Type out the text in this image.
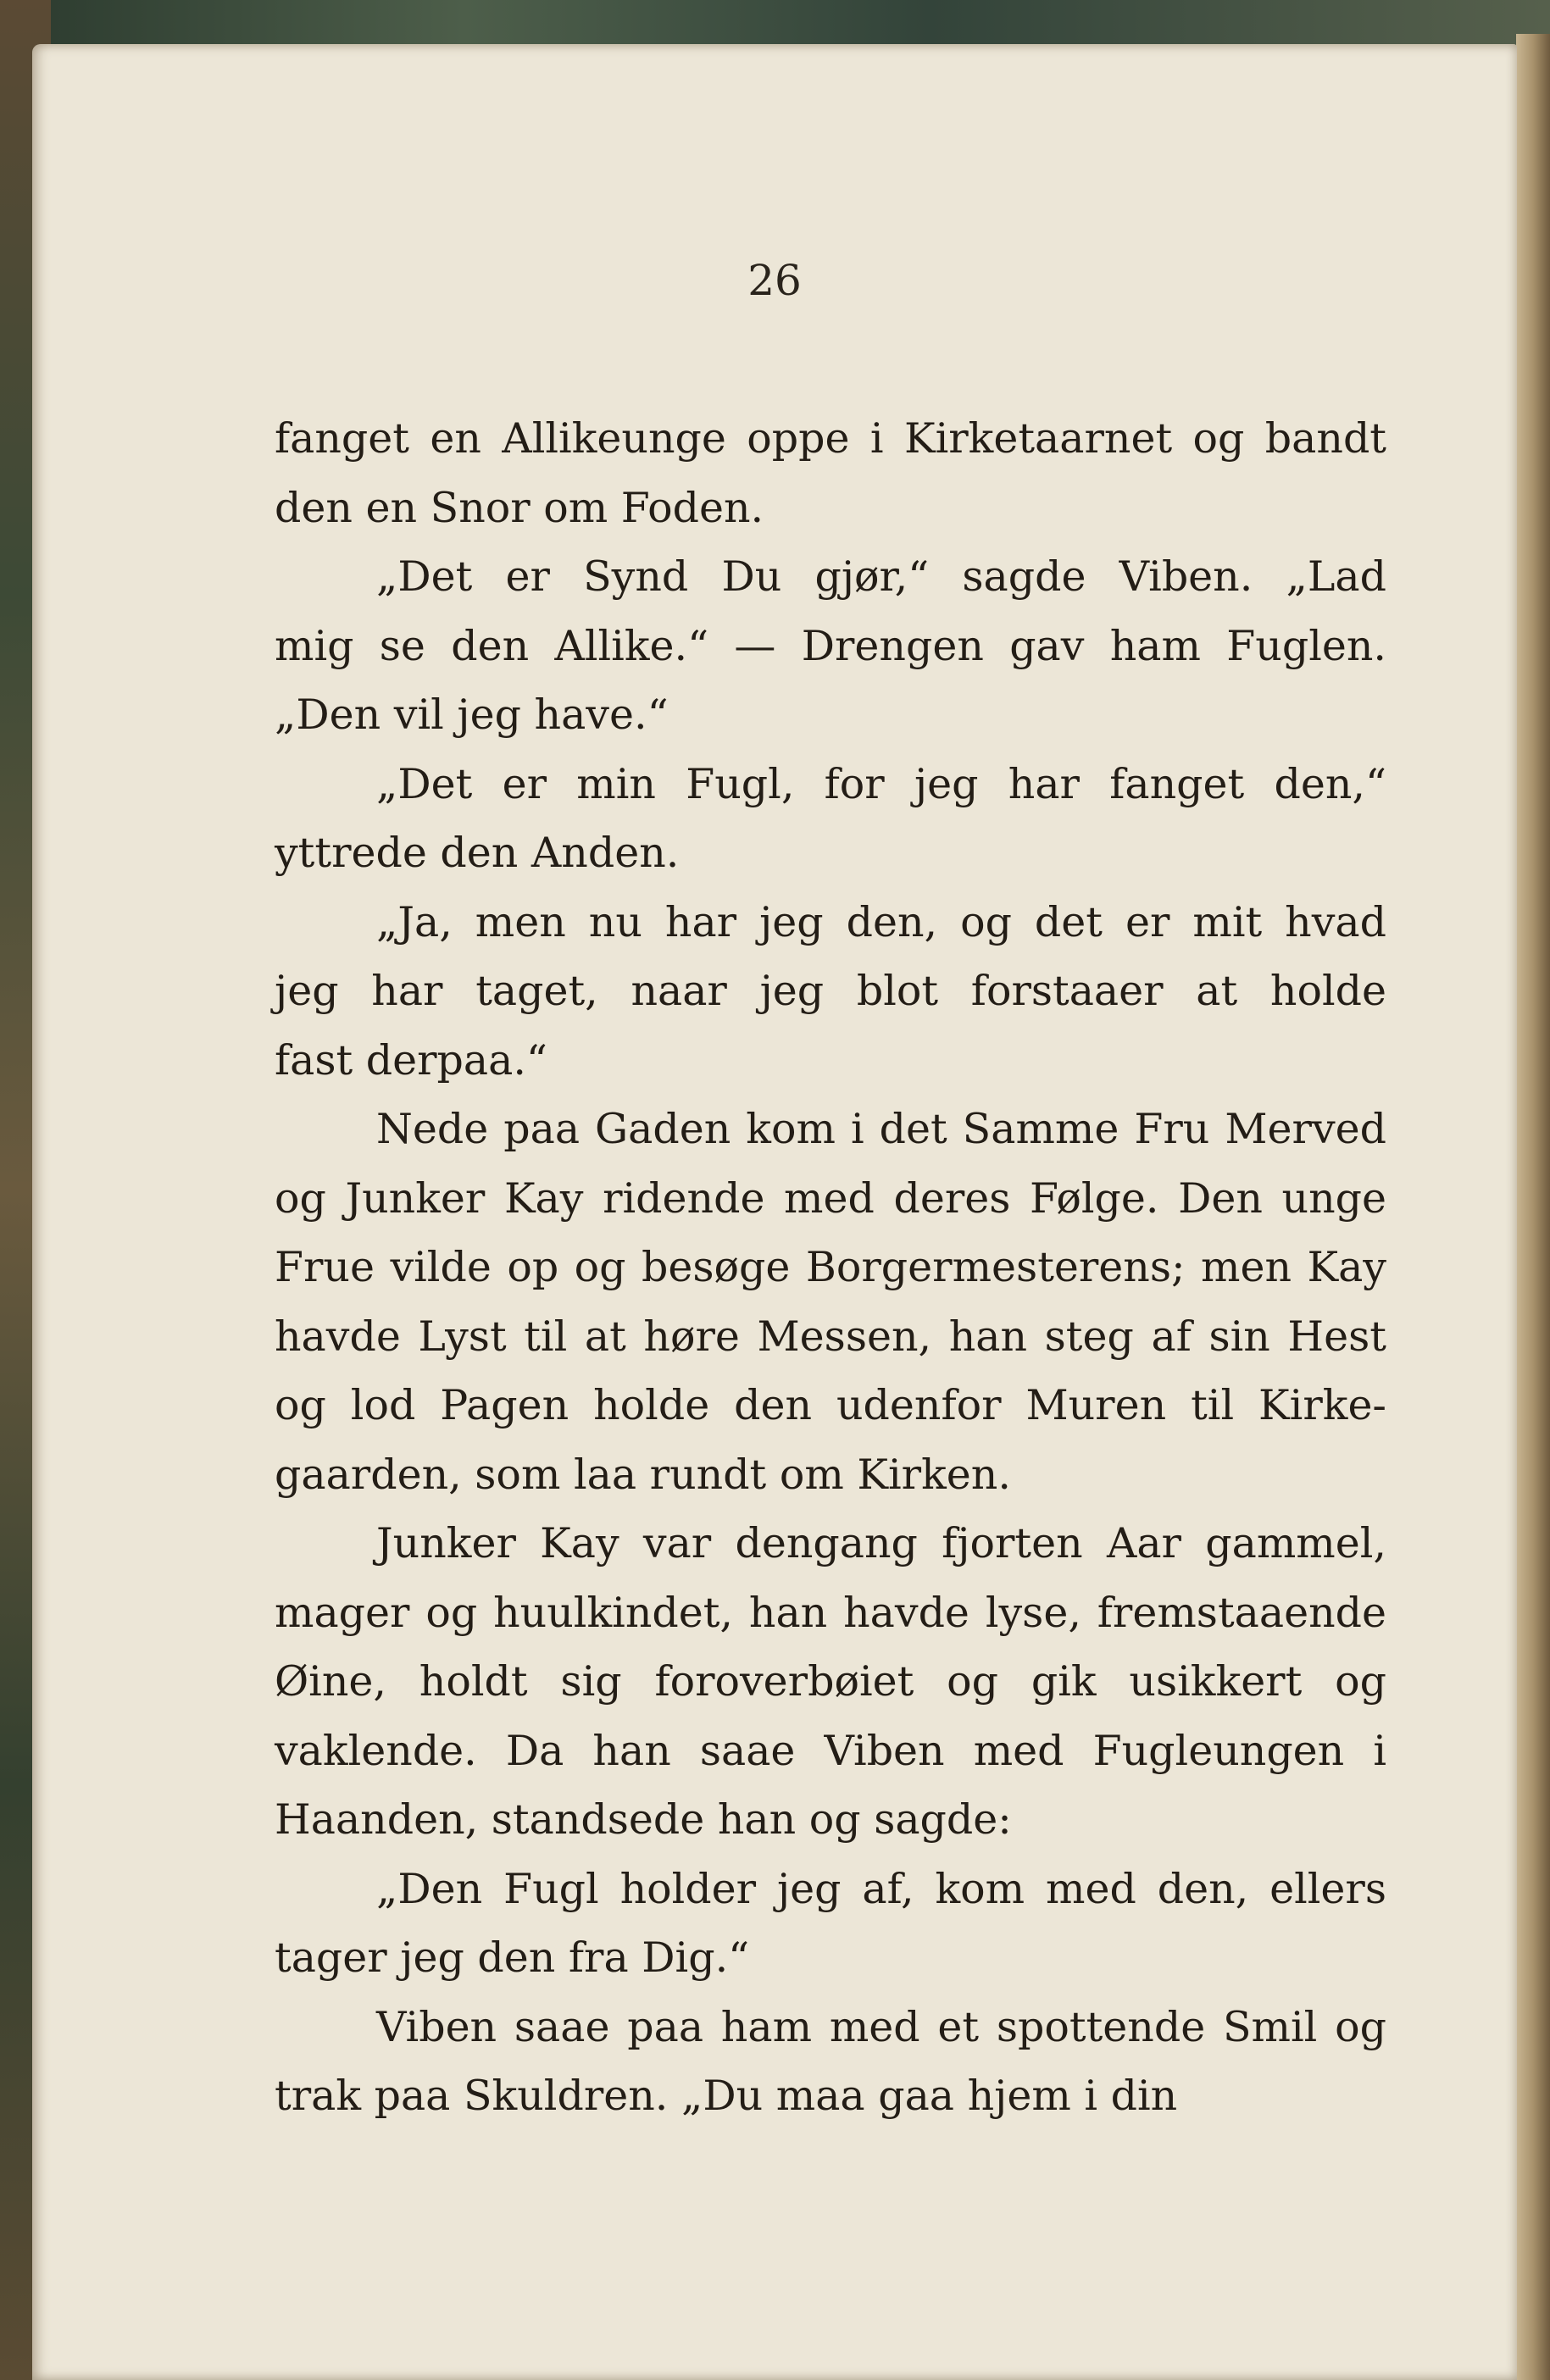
26
fanget en Allikeunge oppe i Kirketaarnet og bandt
den en Snor om Foden.
„Det er Synd Du gjør,“ sagde Viben. „Lad
mig se den Allike.“ — Drengen gav ham Fuglen.
„Den vil jeg have.“
„Det er min Fugl, for jeg har fanget den,“
yttrede den Anden.
„Ja, men nu har jeg den, og det er mit hvad
jeg har taget, naar jeg blot forstaaer at holde
fast derpaa.“
Nede paa Gaden kom i det Samme Fru Merved
og Junker Kay ridende med deres Følge. Den unge
Frue vilde op og besøge Borgermesterens; men Kay
havde Lyst til at høre Messen, han steg af sin Hest
og lod Pagen holde den udenfor Muren til Kirke-
gaarden, som laa rundt om Kirken.
Junker Kay var dengang fjorten Aar gammel,
mager og huulkindet, han havde lyse, fremstaaende
Øine, holdt sig foroverbøiet og gik usikkert og
vaklende. Da han saae Viben med Fugleungen i
Haanden, standsede han og sagde:
„Den Fugl holder jeg af, kom med den, ellers
tager jeg den fra Dig.“
Viben saae paa ham med et spottende Smil og
trak paa Skuldren. „Du maa gaa hjem i din
